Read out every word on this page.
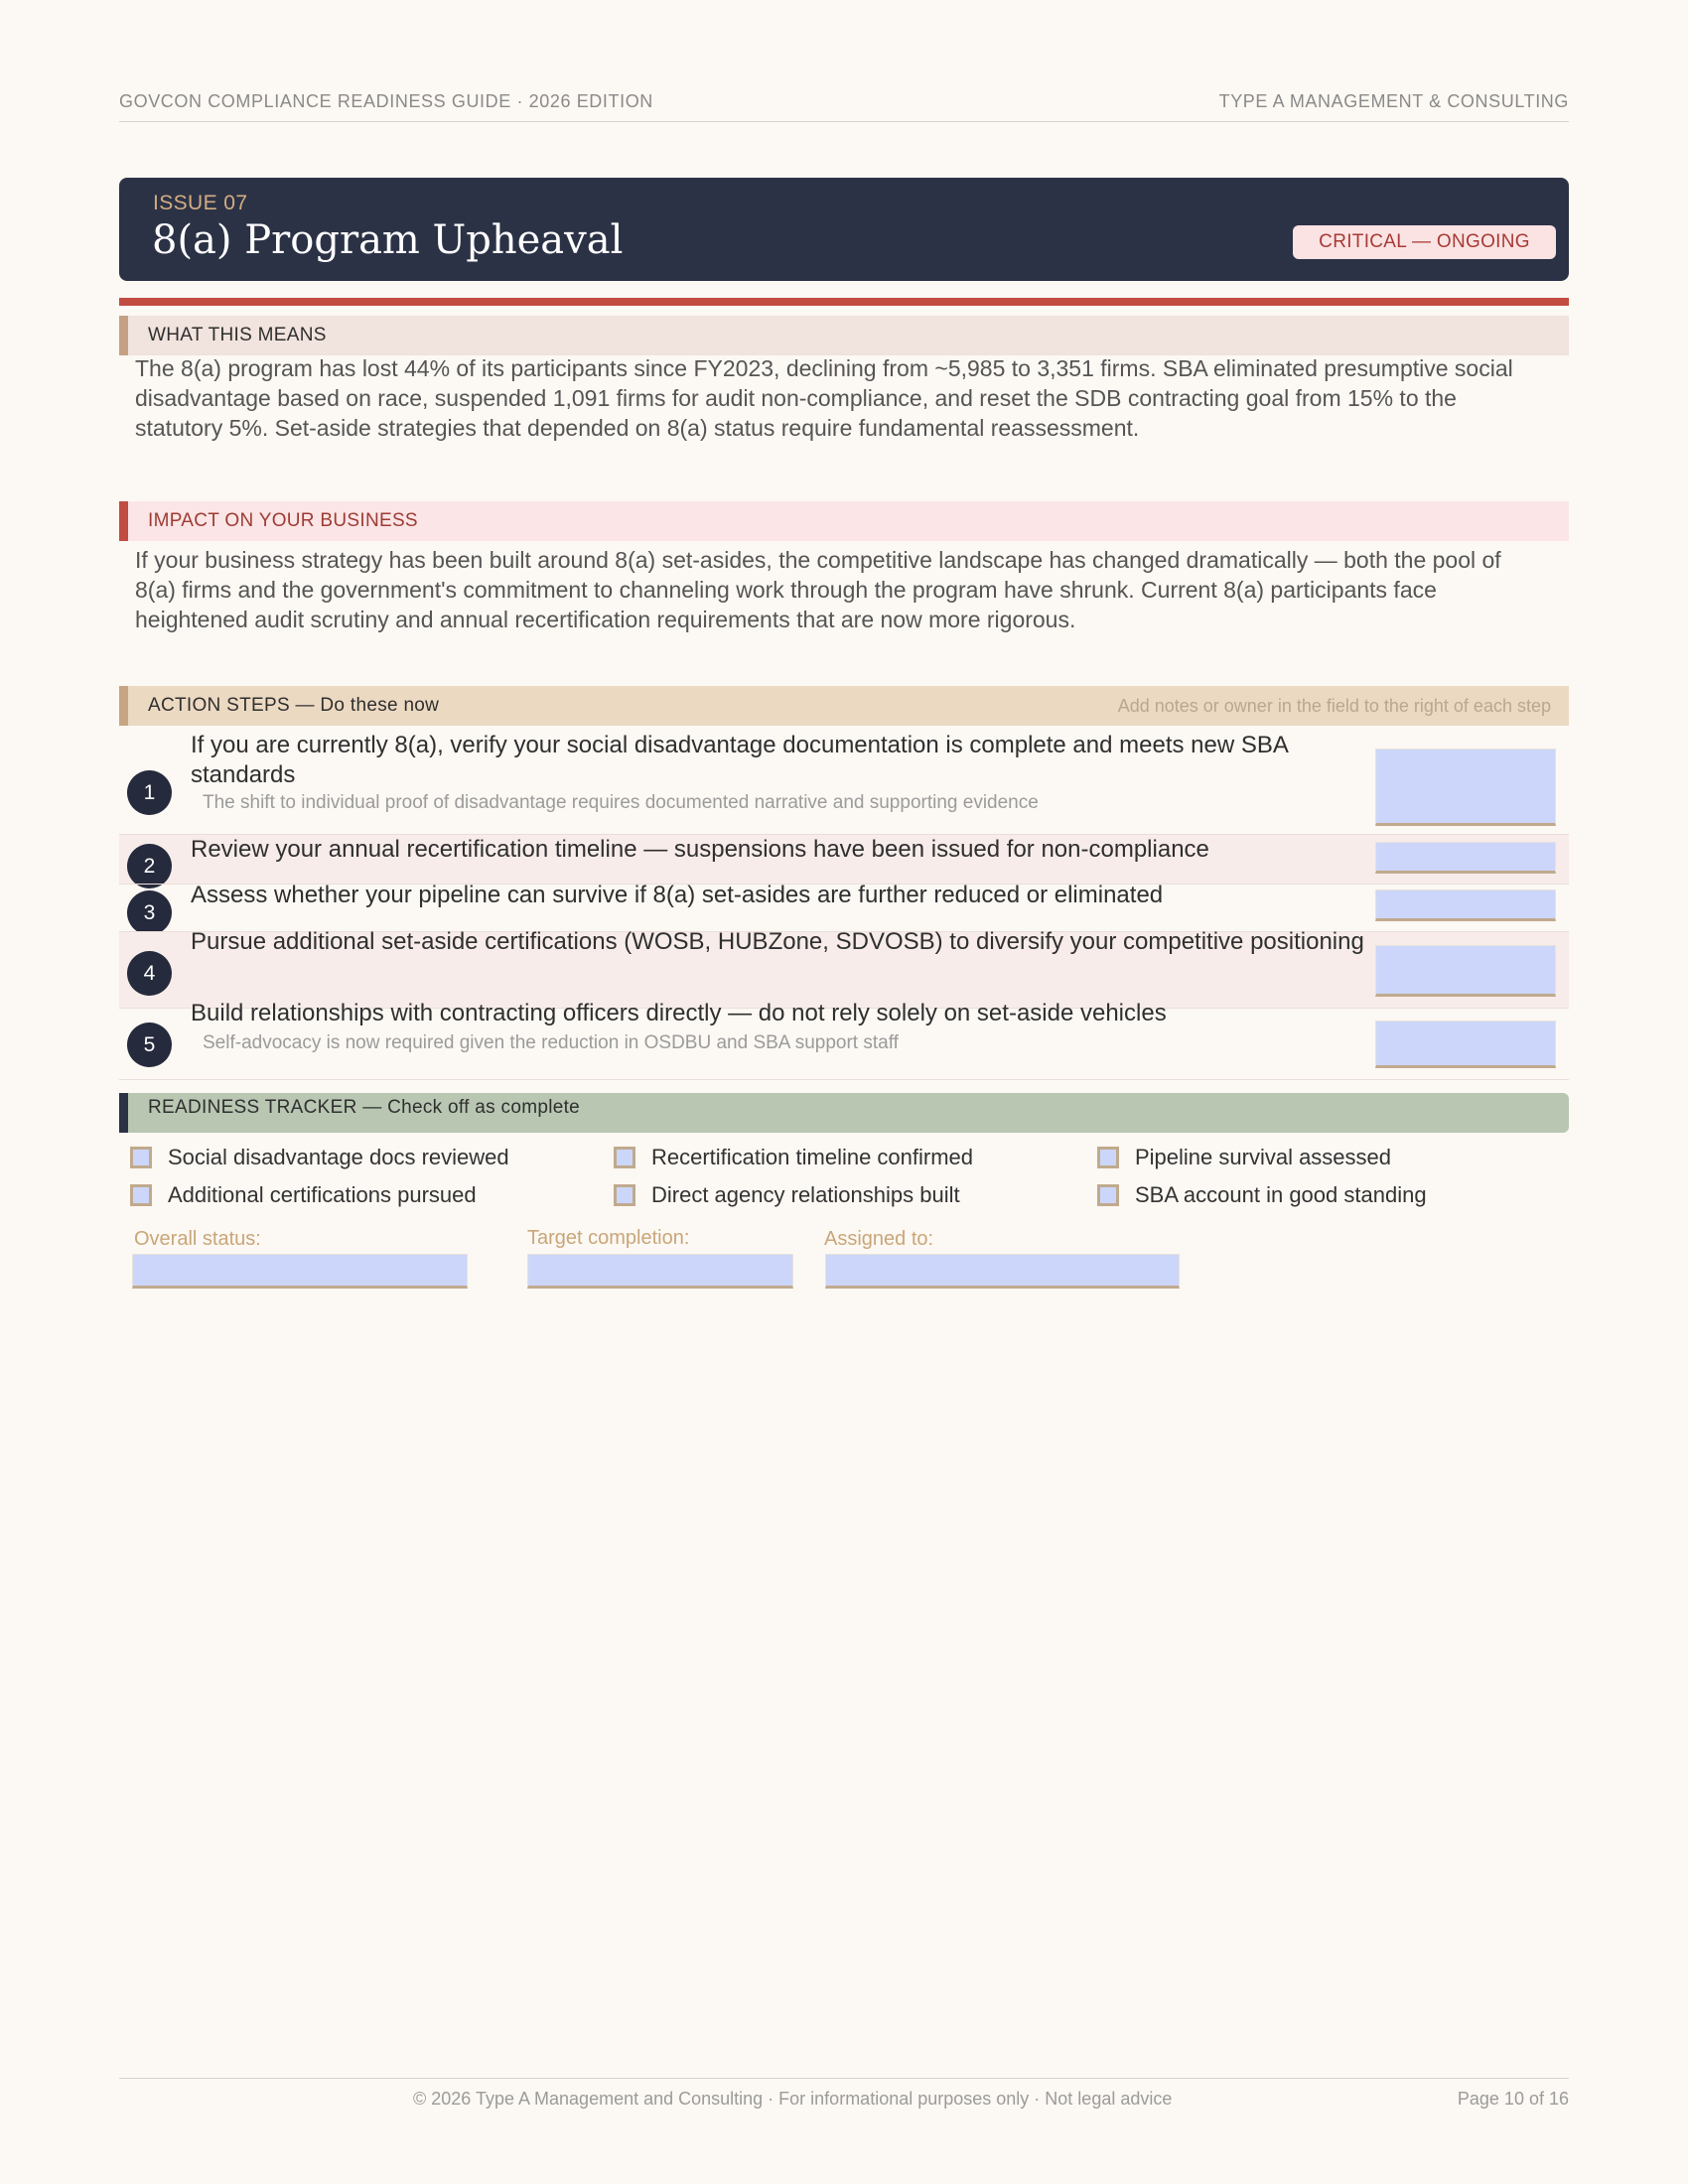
GOVCON COMPLIANCE READINESS GUIDE · 2026 EDITION	TYPE A MANAGEMENT & CONSULTING
ISSUE 07
8(a) Program Upheaval	CRITICAL — ONGOING
WHAT THIS MEANS

The 8(a) program has lost 44% of its participants since FY2023, declining from ~5,985 to 3,351 firms. SBA eliminated presumptive social disadvantage based on race, suspended 1,091 firms for audit non-compliance, and reset the SDB contracting goal from 15% to the statutory 5%. Set-aside strategies that depended on 8(a) status require fundamental reassessment.

IMPACT ON YOUR BUSINESS

If your business strategy has been built around 8(a) set-asides, the competitive landscape has changed dramatically — both the pool of 8(a) firms and the government's commitment to channeling work through the program have shrunk. Current 8(a) participants face heightened audit scrutiny and annual recertification requirements that are now more rigorous.

ACTION STEPS — Do these now	Add notes or owner in the field to the right of each step
1
If you are currently 8(a), verify your social disadvantage documentation is complete and meets new SBA standards
The shift to individual proof of disadvantage requires documented narrative and supporting evidence
2
Review your annual recertification timeline — suspensions have been issued for non-compliance
3
Assess whether your pipeline can survive if 8(a) set-asides are further reduced or eliminated
4
Pursue additional set-aside certifications (WOSB, HUBZone, SDVOSB) to diversify your competitive positioning
5
Build relationships with contracting officers directly — do not rely solely on set-aside vehicles
Self-advocacy is now required given the reduction in OSDBU and SBA support staff
READINESS TRACKER — Check off as complete
Social disadvantage docs reviewed	Recertification timeline confirmed	Pipeline survival assessed
Additional certifications pursued	Direct agency relationships built	SBA account in good standing
Overall status:	Target completion:	Assigned to:
© 2026 Type A Management and Consulting · For informational purposes only · Not legal advice	Page 10 of 16
